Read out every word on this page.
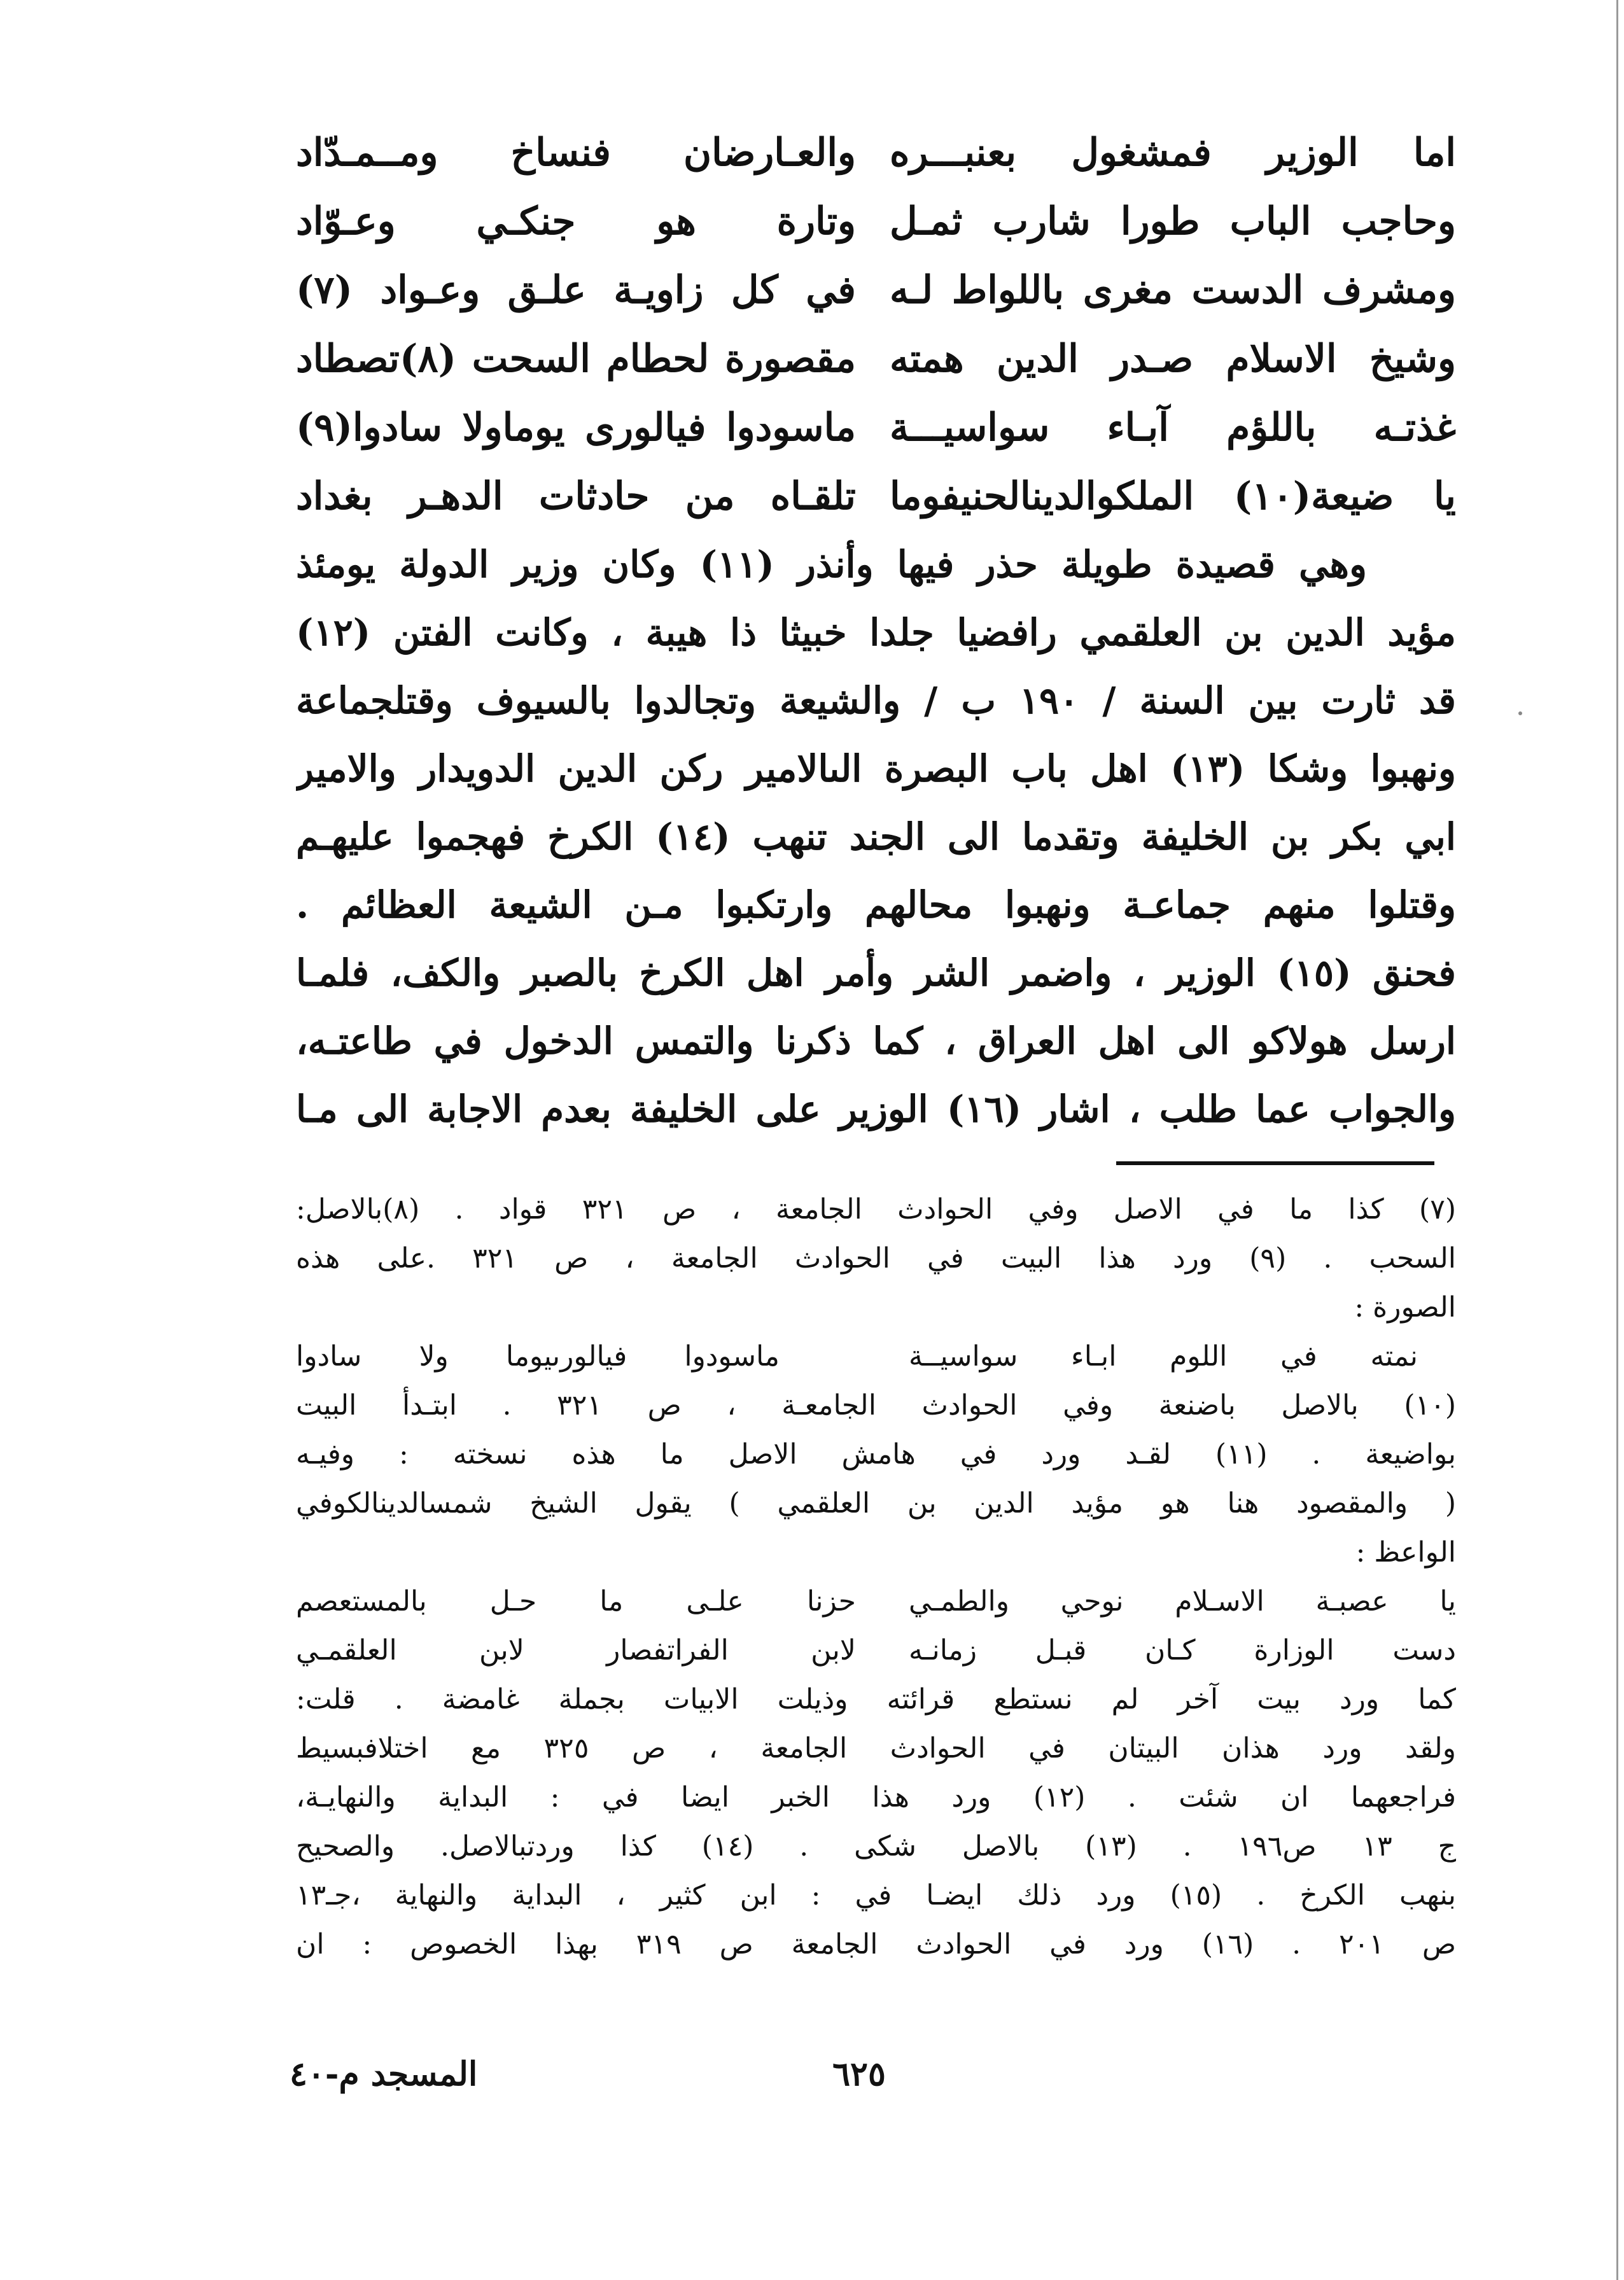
اما الوزير فمشغول بعنبـــره
والعـارضان فنساخ ومــمـدّاد
وحاجب الباب طورا شارب ثمـل
وتارة هو جنكـي وعـوّاد
ومشرف الدست مغرى باللواط لـه
في كل زاويـة علـق وعـواد (٧)
وشيخ الاسلام صـدر الدين همته
مقصورة لحطام السحت (٨)تصطاد
غذتـه باللؤم آبـاء سواسيـــة
ماسودوا فيالورى يوماولا سادوا(٩)
يا ضيعة(١٠) الملكوالدينالحنيفوما
تلقـاه من حادثات الدهـر بغداد
وهي قصيدة طويلة حذر فيها وأنذر (١١) وكان وزير الدولة يومئذ
مؤيد الدين بن العلقمي رافضيا جلدا خبيثا ذا هيبة ، وكانت الفتن (١٢)
قد ثارت بين السنة / ١٩٠ ب / والشيعة وتجالدوا بالسيوف وقتلجماعة
ونهبوا وشكا (١٣) اهل باب البصرة الىالامير ركن الدين الدويدار والامير
ابي بكر بن الخليفة وتقدما الى الجند تنهب (١٤) الكرخ فهجموا عليهـم
وقتلوا منهم جماعـة ونهبوا محالهم وارتكبوا مـن الشيعة العظائم .
فحنق (١٥) الوزير ، واضمر الشر وأمر اهل الكرخ بالصبر والكف، فلمـا
ارسل هولاكو الى اهل العراق ، كما ذكرنا والتمس الدخول في طاعتـه،
والجواب عما طلب ، اشار (١٦) الوزير على الخليفة بعدم الاجابة الى مـا
(٧) كذا ما في الاصل وفي الحوادث الجامعة ، ص ٣٢١ قواد . (٨)بالاصل:
السحب . (٩) ورد هذا البيت في الحوادث الجامعة ، ص ٣٢١ .على هذه
الصورة :
نمته في اللوم ابـاء سواسيــة
ماسودوا فيالورىيوما ولا سادوا
(١٠) بالاصل باضنعة وفي الحوادث الجامعـة ، ص ٣٢١ . ابتـدأ البيت
بواضيعة . (١١) لقـد ورد في هامش الاصل ما هذه نسخته : وفيـه
( والمقصود هنا هو مؤيد الدين بن العلقمي ) يقول الشيخ شمسالدينالكوفي
الواعظ :
يا عصبـة الاسـلام نوحي والطمـي
حزنا علـى ما حـل بالمستعصم
دست الوزارة كـان قبـل زمانـه
لابن الفراتفصار لابن العلقمـي
كما ورد بيت آخر لم نستطع قرائته وذيلت الابيات بجملة غامضة . قلت:
ولقد ورد هذان البيتان في الحوادث الجامعة ، ص ٣٢٥ مع اختلافبسيط
فراجعهما ان شئت . (١٢) ورد هذا الخبر ايضا في : البداية والنهايـة،
ج ١٣ ص١٩٦ . (١٣) بالاصل شكى . (١٤) كذا وردتبالاصل. والصحيح
بنهب الكرخ . (١٥) ورد ذلك ايضـا في : ابن كثير ، البداية والنهاية ،جـ١٣
ص ٢٠١ . (١٦) ورد في الحوادث الجامعة ص ٣١٩ بهذا الخصوص : ان
٦٢٥
المسجد م-٤٠
